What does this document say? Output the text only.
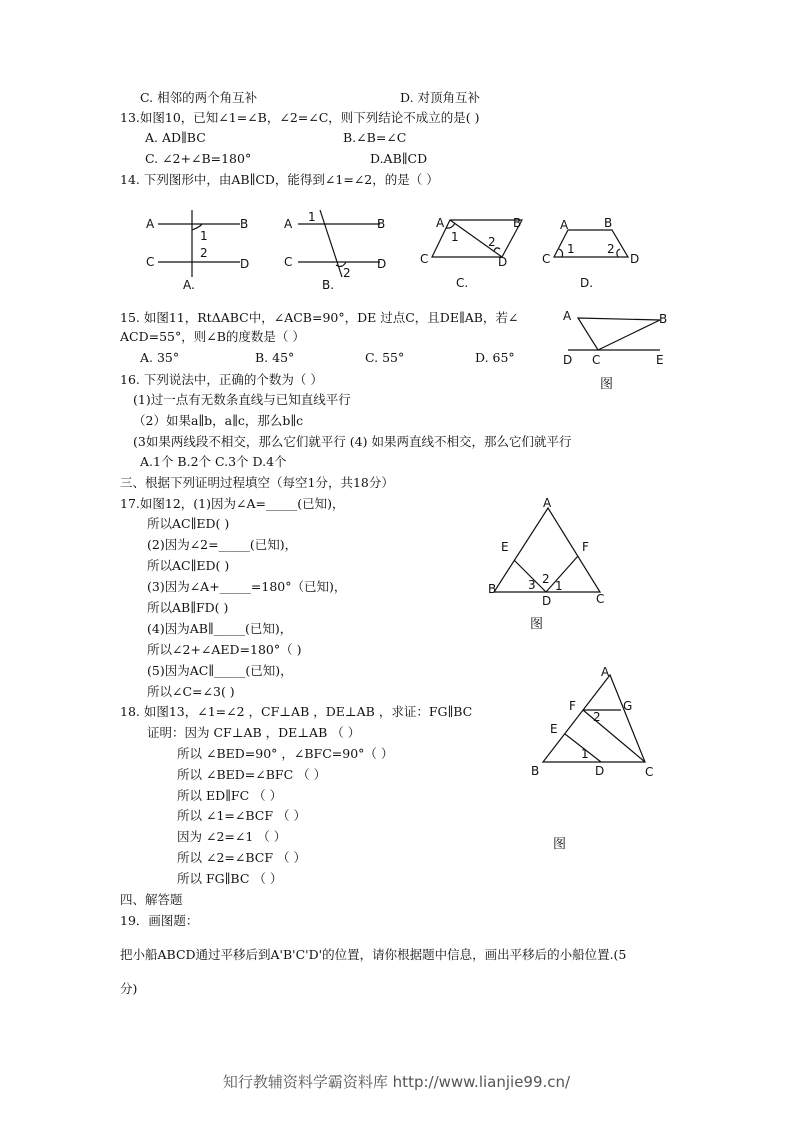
C. 相邻的两个角互补	D. 对顶角互补
13.如图10，已知∠1=∠B，∠2=∠C，则下列结论不成立的是( )
A. AD∥BC	B.∠B=∠C
C. ∠2+∠B=180°	D.AB∥CD
14. 下列图形中，由AB∥CD，能得到∠1=∠2，的是（ ）
15. 如图11，RtΔABC中，∠ACB=90°，DE 过点C，且DE∥AB，若∠
ACD=55°，则∠B的度数是（ ）
A. 35°	B. 45°	C. 55°	D. 65°
16. 下列说法中，正确的个数为（ ）
(1)过一点有无数条直线与已知直线平行
（2）如果a∥b，a∥c，那么b∥c
(3如果两线段不相交，那么它们就平行 (4) 如果两直线不相交，那么它们就平行
A.1个 B.2个 C.3个 D.4个
三、根据下列证明过程填空（每空1分，共18分）
17.如图12，(1)因为∠A=_____(已知)，
所以AC∥ED( )
(2)因为∠2=_____(已知)，
所以AC∥ED( )
(3)因为∠A+_____=180°（已知)，
所以AB∥FD( )
(4)因为AB∥_____(已知)，
所以∠2+∠AED=180°（ )
(5)因为AC∥_____(已知)，
所以∠C=∠3( )
18. 如图13，∠1=∠2 ，CF⊥AB ，DE⊥AB ，求证：FG∥BC
证明：因为 CF⊥AB ，DE⊥AB （ ）
所以 ∠BED=90° ，∠BFC=90°（ ）
所以 ∠BED=∠BFC （ ）
所以 ED∥FC （ ）
所以 ∠1=∠BCF （ ）
因为 ∠2=∠1 （ ）
所以 ∠2=∠BCF （ ）
所以 FG∥BC （ ）
四、解答题
19．画图题：
把小船ABCD通过平移后到A'B'C'D'的位置，请你根据题中信息，画出平移后的小船位置.(5
分)
A	B
C	D
1
2
A.
A	B
C	D
1
2
B.
A	B
C	D
1 2
C.
A	B
C	D
1	2
D.
A	B
D C	E
图
A
E	F
B	3 2 1
D	C
图
A
F	G
E
2
1
B	D	C
图
知行教辅资料学霸资料库 http://www.lianjie99.cn/
